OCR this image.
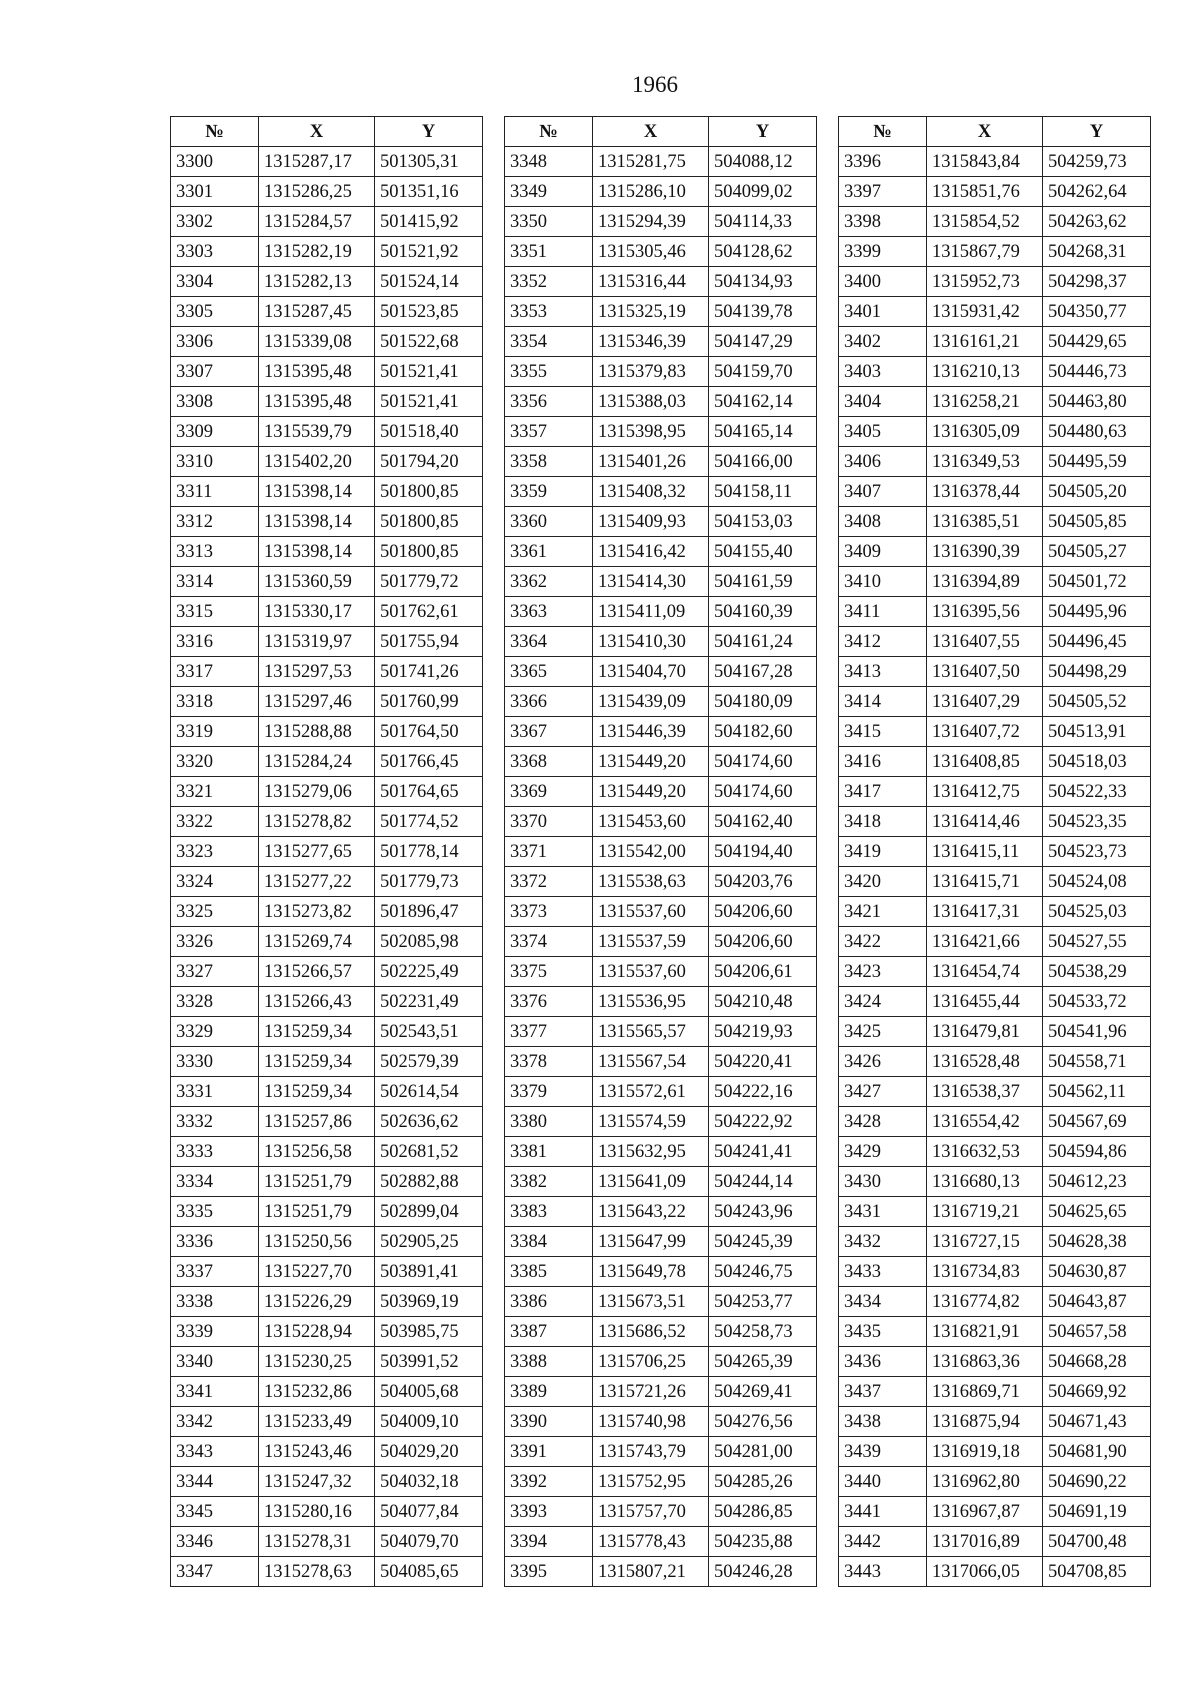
1966
№	X	Y
3300	1315287,17	501305,31
3301	1315286,25	501351,16
3302	1315284,57	501415,92
3303	1315282,19	501521,92
3304	1315282,13	501524,14
3305	1315287,45	501523,85
3306	1315339,08	501522,68
3307	1315395,48	501521,41
3308	1315395,48	501521,41
3309	1315539,79	501518,40
3310	1315402,20	501794,20
3311	1315398,14	501800,85
3312	1315398,14	501800,85
3313	1315398,14	501800,85
3314	1315360,59	501779,72
3315	1315330,17	501762,61
3316	1315319,97	501755,94
3317	1315297,53	501741,26
3318	1315297,46	501760,99
3319	1315288,88	501764,50
3320	1315284,24	501766,45
3321	1315279,06	501764,65
3322	1315278,82	501774,52
3323	1315277,65	501778,14
3324	1315277,22	501779,73
3325	1315273,82	501896,47
3326	1315269,74	502085,98
3327	1315266,57	502225,49
3328	1315266,43	502231,49
3329	1315259,34	502543,51
3330	1315259,34	502579,39
3331	1315259,34	502614,54
3332	1315257,86	502636,62
3333	1315256,58	502681,52
3334	1315251,79	502882,88
3335	1315251,79	502899,04
3336	1315250,56	502905,25
3337	1315227,70	503891,41
3338	1315226,29	503969,19
3339	1315228,94	503985,75
3340	1315230,25	503991,52
3341	1315232,86	504005,68
3342	1315233,49	504009,10
3343	1315243,46	504029,20
3344	1315247,32	504032,18
3345	1315280,16	504077,84
3346	1315278,31	504079,70
3347	1315278,63	504085,65
№	X	Y
3348	1315281,75	504088,12
3349	1315286,10	504099,02
3350	1315294,39	504114,33
3351	1315305,46	504128,62
3352	1315316,44	504134,93
3353	1315325,19	504139,78
3354	1315346,39	504147,29
3355	1315379,83	504159,70
3356	1315388,03	504162,14
3357	1315398,95	504165,14
3358	1315401,26	504166,00
3359	1315408,32	504158,11
3360	1315409,93	504153,03
3361	1315416,42	504155,40
3362	1315414,30	504161,59
3363	1315411,09	504160,39
3364	1315410,30	504161,24
3365	1315404,70	504167,28
3366	1315439,09	504180,09
3367	1315446,39	504182,60
3368	1315449,20	504174,60
3369	1315449,20	504174,60
3370	1315453,60	504162,40
3371	1315542,00	504194,40
3372	1315538,63	504203,76
3373	1315537,60	504206,60
3374	1315537,59	504206,60
3375	1315537,60	504206,61
3376	1315536,95	504210,48
3377	1315565,57	504219,93
3378	1315567,54	504220,41
3379	1315572,61	504222,16
3380	1315574,59	504222,92
3381	1315632,95	504241,41
3382	1315641,09	504244,14
3383	1315643,22	504243,96
3384	1315647,99	504245,39
3385	1315649,78	504246,75
3386	1315673,51	504253,77
3387	1315686,52	504258,73
3388	1315706,25	504265,39
3389	1315721,26	504269,41
3390	1315740,98	504276,56
3391	1315743,79	504281,00
3392	1315752,95	504285,26
3393	1315757,70	504286,85
3394	1315778,43	504235,88
3395	1315807,21	504246,28
№	X	Y
3396	1315843,84	504259,73
3397	1315851,76	504262,64
3398	1315854,52	504263,62
3399	1315867,79	504268,31
3400	1315952,73	504298,37
3401	1315931,42	504350,77
3402	1316161,21	504429,65
3403	1316210,13	504446,73
3404	1316258,21	504463,80
3405	1316305,09	504480,63
3406	1316349,53	504495,59
3407	1316378,44	504505,20
3408	1316385,51	504505,85
3409	1316390,39	504505,27
3410	1316394,89	504501,72
3411	1316395,56	504495,96
3412	1316407,55	504496,45
3413	1316407,50	504498,29
3414	1316407,29	504505,52
3415	1316407,72	504513,91
3416	1316408,85	504518,03
3417	1316412,75	504522,33
3418	1316414,46	504523,35
3419	1316415,11	504523,73
3420	1316415,71	504524,08
3421	1316417,31	504525,03
3422	1316421,66	504527,55
3423	1316454,74	504538,29
3424	1316455,44	504533,72
3425	1316479,81	504541,96
3426	1316528,48	504558,71
3427	1316538,37	504562,11
3428	1316554,42	504567,69
3429	1316632,53	504594,86
3430	1316680,13	504612,23
3431	1316719,21	504625,65
3432	1316727,15	504628,38
3433	1316734,83	504630,87
3434	1316774,82	504643,87
3435	1316821,91	504657,58
3436	1316863,36	504668,28
3437	1316869,71	504669,92
3438	1316875,94	504671,43
3439	1316919,18	504681,90
3440	1316962,80	504690,22
3441	1316967,87	504691,19
3442	1317016,89	504700,48
3443	1317066,05	504708,85
